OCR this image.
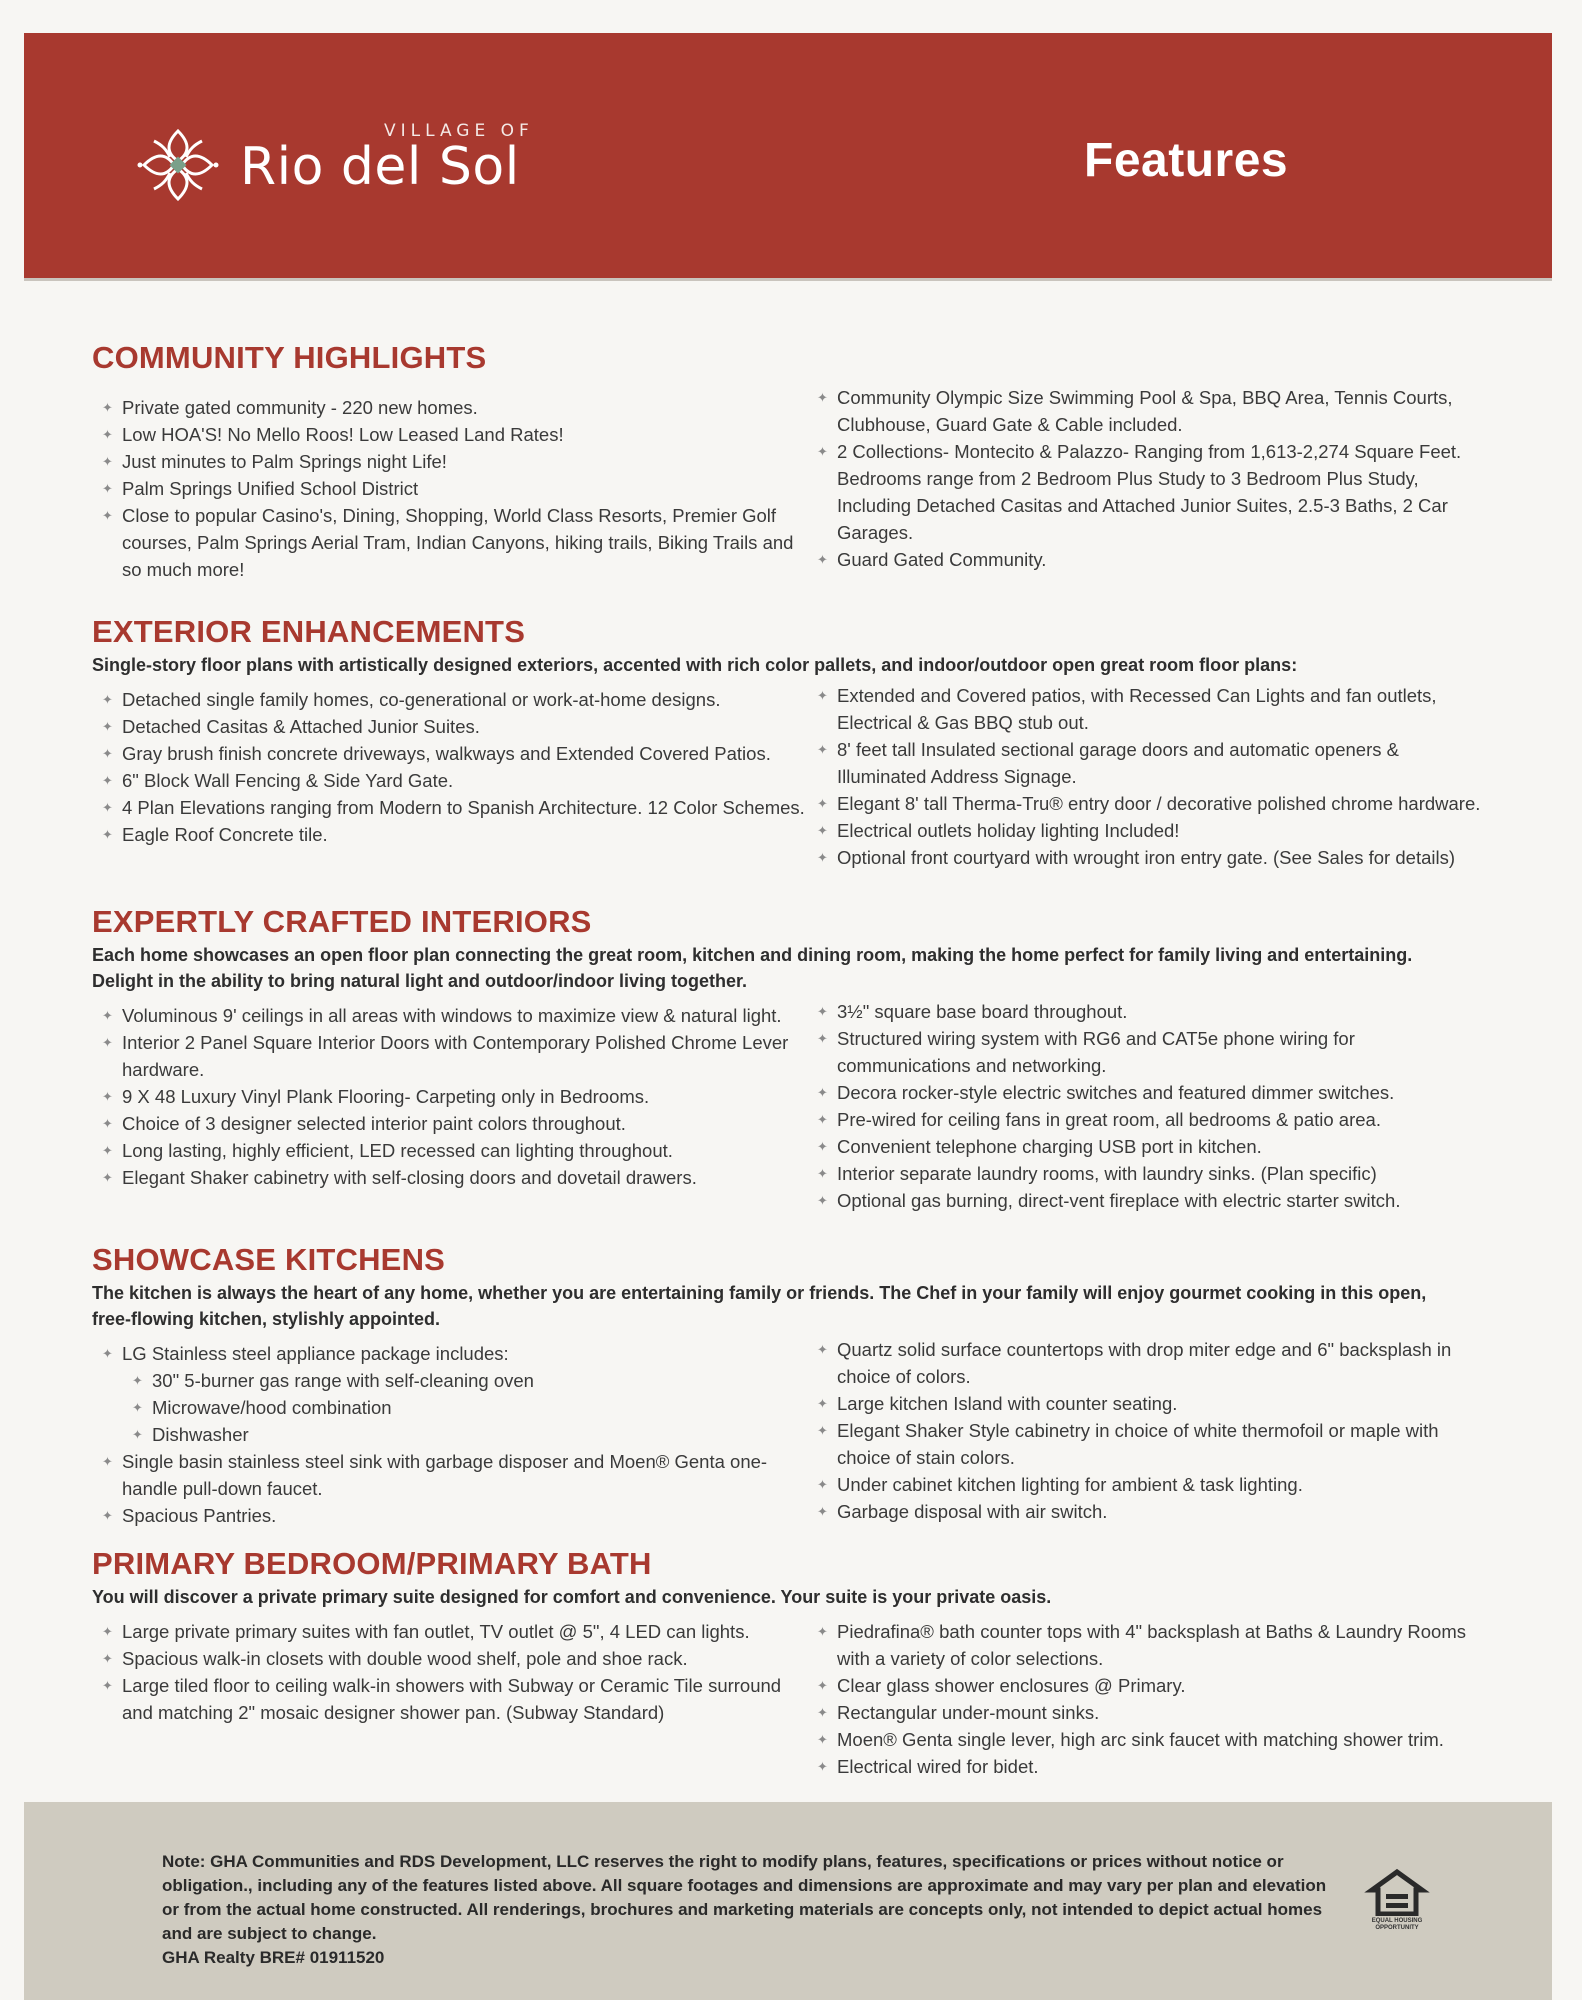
VILLAGE OF
Rio del Sol	Features
COMMUNITY HIGHLIGHTS
✦ Private gated community - 220 new homes.
✦ Low HOA'S! No Mello Roos! Low Leased Land Rates!
✦ Just minutes to Palm Springs night Life!
✦ Palm Springs Unified School District
✦ Close to popular Casino's, Dining, Shopping, World Class Resorts, Premier Golf courses, Palm Springs Aerial Tram, Indian Canyons, hiking trails, Biking Trails and so much more!
✦ Community Olympic Size Swimming Pool & Spa, BBQ Area, Tennis Courts, Clubhouse, Guard Gate & Cable included.
✦ 2 Collections- Montecito & Palazzo- Ranging from 1,613-2,274 Square Feet. Bedrooms range from 2 Bedroom Plus Study to 3 Bedroom Plus Study, Including Detached Casitas and Attached Junior Suites, 2.5-3 Baths, 2 Car Garages.
✦ Guard Gated Community.
EXTERIOR ENHANCEMENTS
Single-story floor plans with artistically designed exteriors, accented with rich color pallets, and indoor/outdoor open great room floor plans:
✦ Detached single family homes, co-generational or work-at-home designs.
✦ Detached Casitas & Attached Junior Suites.
✦ Gray brush finish concrete driveways, walkways and Extended Covered Patios.
✦ 6" Block Wall Fencing & Side Yard Gate.
✦ 4 Plan Elevations ranging from Modern to Spanish Architecture. 12 Color Schemes.
✦ Eagle Roof Concrete tile.
✦ Extended and Covered patios, with Recessed Can Lights and fan outlets, Electrical & Gas BBQ stub out.
✦ 8' feet tall Insulated sectional garage doors and automatic openers & Illuminated Address Signage.
✦ Elegant 8' tall Therma-Tru® entry door / decorative polished chrome hardware.
✦ Electrical outlets holiday lighting Included!
✦ Optional front courtyard with wrought iron entry gate. (See Sales for details)
EXPERTLY CRAFTED INTERIORS
Each home showcases an open floor plan connecting the great room, kitchen and dining room, making the home perfect for family living and entertaining. Delight in the ability to bring natural light and outdoor/indoor living together.
✦ Voluminous 9' ceilings in all areas with windows to maximize view & natural light.
✦ Interior 2 Panel Square Interior Doors with Contemporary Polished Chrome Lever hardware.
✦ 9 X 48 Luxury Vinyl Plank Flooring- Carpeting only in Bedrooms.
✦ Choice of 3 designer selected interior paint colors throughout.
✦ Long lasting, highly efficient, LED recessed can lighting throughout.
✦ Elegant Shaker cabinetry with self-closing doors and dovetail drawers.
✦ 3½" square base board throughout.
✦ Structured wiring system with RG6 and CAT5e phone wiring for communications and networking.
✦ Decora rocker-style electric switches and featured dimmer switches.
✦ Pre-wired for ceiling fans in great room, all bedrooms & patio area.
✦ Convenient telephone charging USB port in kitchen.
✦ Interior separate laundry rooms, with laundry sinks. (Plan specific)
✦ Optional gas burning, direct-vent fireplace with electric starter switch.
SHOWCASE KITCHENS
The kitchen is always the heart of any home, whether you are entertaining family or friends. The Chef in your family will enjoy gourmet cooking in this open, free-flowing kitchen, stylishly appointed.
✦ LG Stainless steel appliance package includes:
✦ 30" 5-burner gas range with self-cleaning oven
✦ Microwave/hood combination
✦ Dishwasher
✦ Single basin stainless steel sink with garbage disposer and Moen® Genta one-handle pull-down faucet.
✦ Spacious Pantries.
✦ Quartz solid surface countertops with drop miter edge and 6" backsplash in choice of colors.
✦ Large kitchen Island with counter seating.
✦ Elegant Shaker Style cabinetry in choice of white thermofoil or maple with choice of stain colors.
✦ Under cabinet kitchen lighting for ambient & task lighting.
✦ Garbage disposal with air switch.
PRIMARY BEDROOM/PRIMARY BATH
You will discover a private primary suite designed for comfort and convenience. Your suite is your private oasis.
✦ Large private primary suites with fan outlet, TV outlet @ 5", 4 LED can lights.
✦ Spacious walk-in closets with double wood shelf, pole and shoe rack.
✦ Large tiled floor to ceiling walk-in showers with Subway or Ceramic Tile surround and matching 2" mosaic designer shower pan. (Subway Standard)
✦ Piedrafina® bath counter tops with 4" backsplash at Baths & Laundry Rooms with a variety of color selections.
✦ Clear glass shower enclosures @ Primary.
✦ Rectangular under-mount sinks.
✦ Moen® Genta single lever, high arc sink faucet with matching shower trim.
✦ Electrical wired for bidet.
Note: GHA Communities and RDS Development, LLC reserves the right to modify plans, features, specifications or prices without notice or obligation., including any of the features listed above. All square footages and dimensions are approximate and may vary per plan and elevation or from the actual home constructed. All renderings, brochures and marketing materials are concepts only, not intended to depict actual homes and are subject to change.
GHA Realty BRE# 01911520
EQUAL HOUSING OPPORTUNITY
